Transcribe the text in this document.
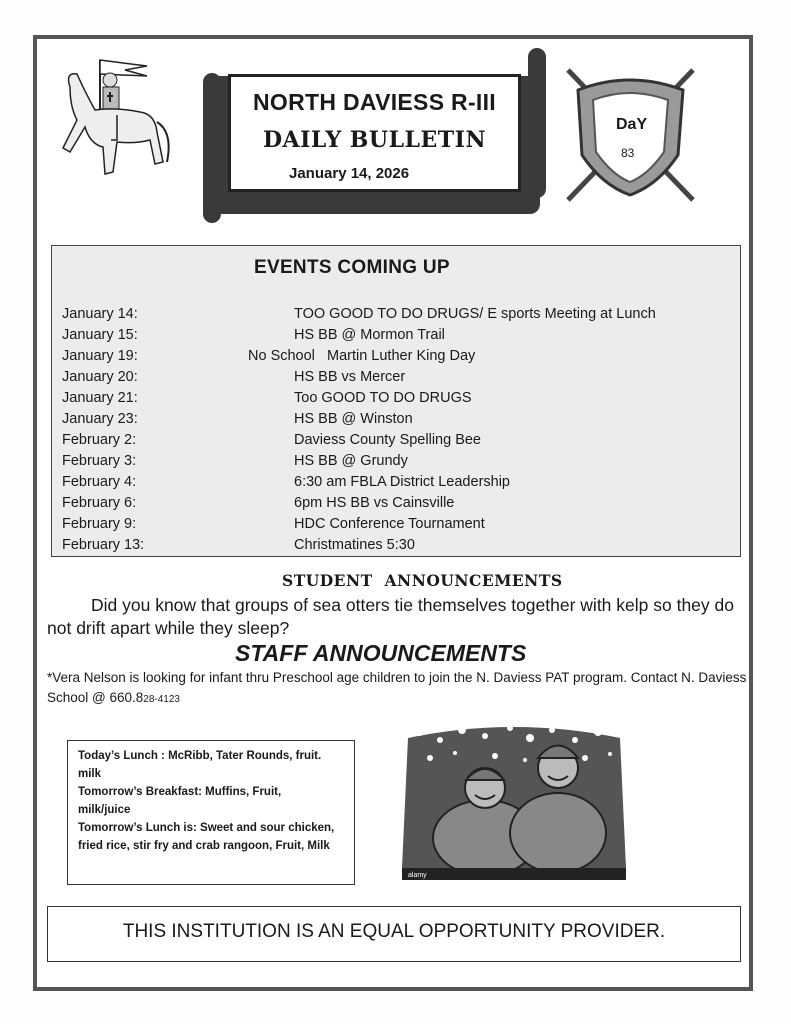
NORTH DAVIESS R-III
DAILY BULLETIN
January 14, 2026
DaY
83
EVENTS COMING UP
January 14:	TOO GOOD TO DO DRUGS/ E sports Meeting at Lunch
January 15:	HS BB @ Mormon Trail
January 19:	No School   Martin Luther King Day
January 20:	HS BB vs Mercer
January 21:	Too GOOD TO DO DRUGS
January 23:	HS BB @ Winston
February 2:	Daviess County Spelling Bee
February 3:	HS BB @ Grundy
February 4:	6:30 am FBLA District Leadership
February 6:	6pm HS BB vs Cainsville
February 9:	HDC Conference Tournament
February 13:	Christmatines 5:30
STUDENT  ANNOUNCEMENTS

Did you know that groups of sea otters tie themselves together with kelp so they do not drift apart while they sleep?

STAFF ANNOUNCEMENTS

*Vera Nelson is looking for infant thru Preschool age children to join the N. Daviess PAT program. Contact N. Daviess School @ 660.828-4123

Today’s Lunch : McRibb, Tater Rounds, fruit.
milk
Tomorrow’s Breakfast: Muffins, Fruit,
milk/juice
Tomorrow’s Lunch is: Sweet and sour chicken,
fried rice, stir fry and crab rangoon, Fruit, Milk
alamy
THIS INSTITUTION IS AN EQUAL OPPORTUNITY PROVIDER.
